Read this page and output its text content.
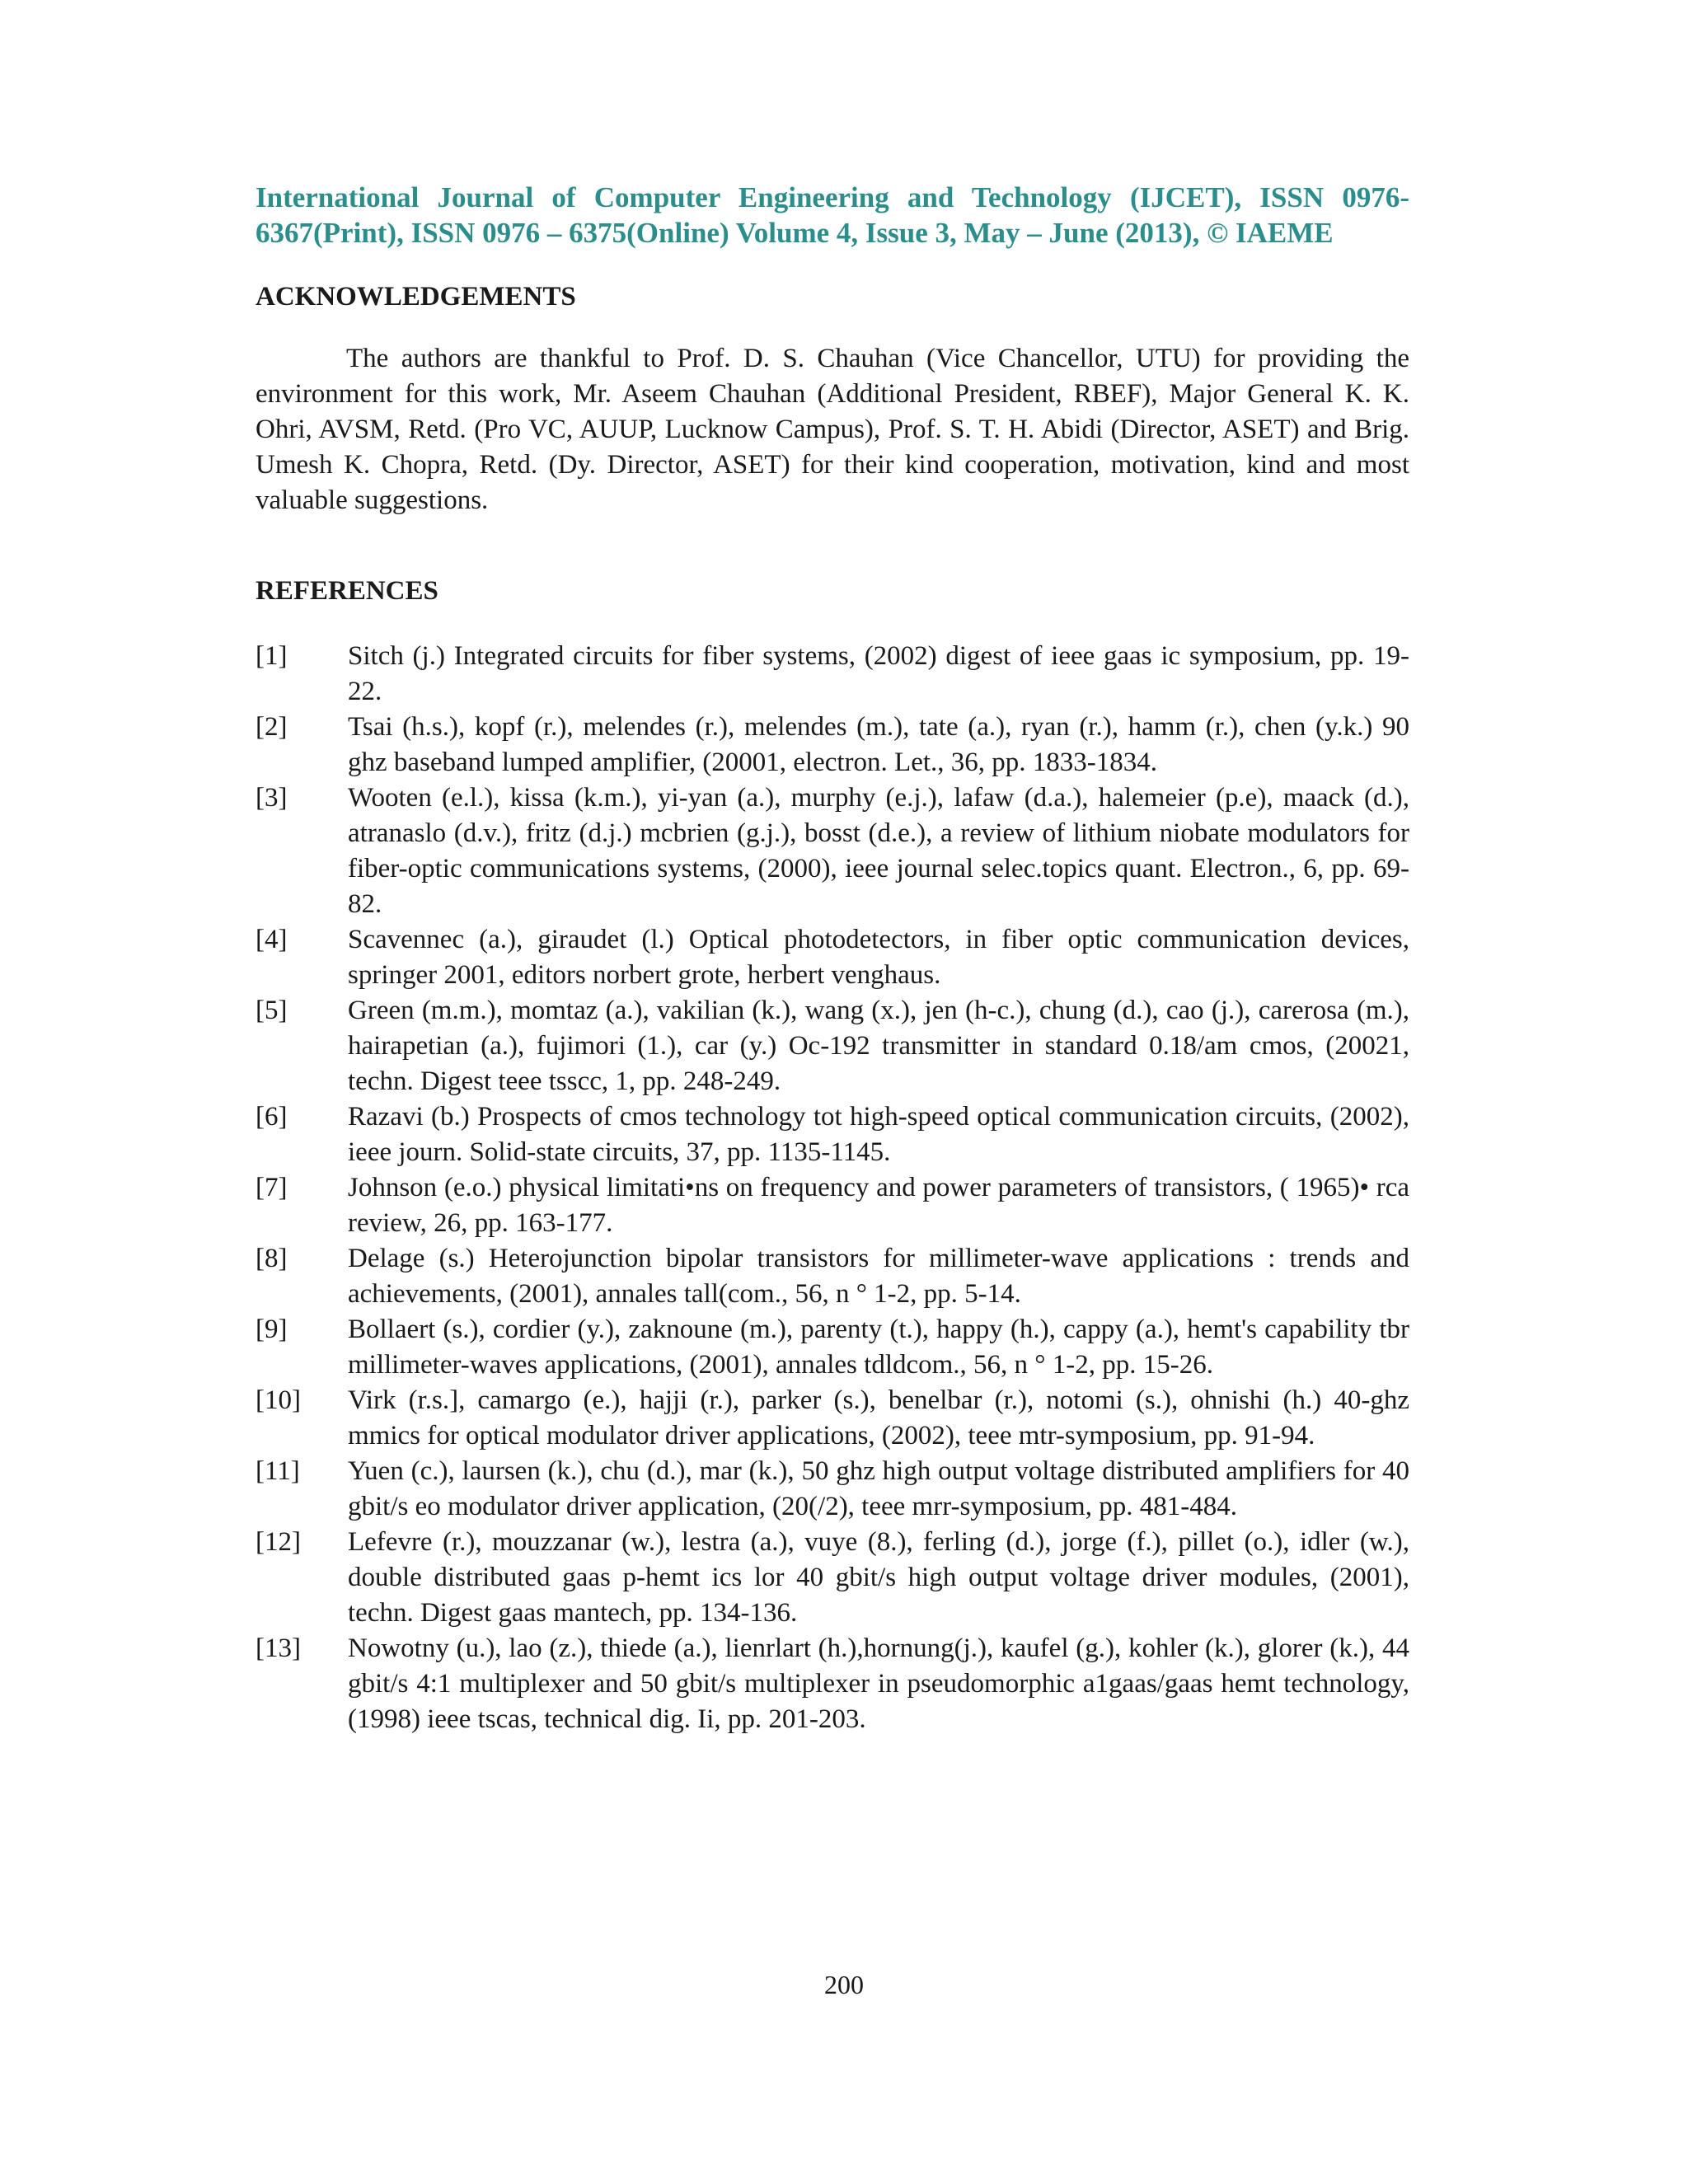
International Journal of Computer Engineering and Technology (IJCET), ISSN 0976-6367(Print), ISSN 0976 – 6375(Online) Volume 4, Issue 3, May – June (2013), © IAEME

ACKNOWLEDGEMENTS

The authors are thankful to Prof. D. S. Chauhan (Vice Chancellor, UTU) for providing the environment for this work, Mr. Aseem Chauhan (Additional President, RBEF), Major General K. K. Ohri, AVSM, Retd. (Pro VC, AUUP, Lucknow Campus), Prof. S. T. H. Abidi (Director, ASET) and Brig. Umesh K. Chopra, Retd. (Dy. Director, ASET) for their kind cooperation, motivation, kind and most valuable suggestions.

REFERENCES
[1]	Sitch (j.) Integrated circuits for fiber systems, (2002) digest of ieee gaas ic symposium, pp. 19-22.
[2]	Tsai (h.s.), kopf (r.), melendes (r.), melendes (m.), tate (a.), ryan (r.), hamm (r.), chen (y.k.) 90 ghz baseband lumped amplifier, (20001, electron. Let., 36, pp. 1833-1834.
[3]	Wooten (e.l.), kissa (k.m.), yi-yan (a.), murphy (e.j.), lafaw (d.a.), halemeier (p.e), maack (d.), atranaslo (d.v.), fritz (d.j.) mcbrien (g.j.), bosst (d.e.), a review of lithium niobate modulators for fiber-optic communications systems, (2000), ieee journal selec.topics quant. Electron., 6, pp. 69-82.
[4]	Scavennec (a.), giraudet (l.) Optical photodetectors, in fiber optic communication devices, springer 2001, editors norbert grote, herbert venghaus.
[5]	Green (m.m.), momtaz (a.), vakilian (k.), wang (x.), jen (h-c.), chung (d.), cao (j.), carerosa (m.), hairapetian (a.), fujimori (1.), car (y.) Oc-192 transmitter in standard 0.18/am cmos, (20021, techn. Digest teee tsscc, 1, pp. 248-249.
[6]	Razavi (b.) Prospects of cmos technology tot high-speed optical communication circuits, (2002), ieee journ. Solid-state circuits, 37, pp. 1135-1145.
[7]	Johnson (e.o.) physical limitati•ns on frequency and power parameters of transistors, ( 1965)• rca review, 26, pp. 163-177.
[8]	Delage (s.) Heterojunction bipolar transistors for millimeter-wave applications : trends and achievements, (2001), annales tall(com., 56, n ° 1-2, pp. 5-14.
[9]	Bollaert (s.), cordier (y.), zaknoune (m.), parenty (t.), happy (h.), cappy (a.), hemt's capability tbr millimeter-waves applications, (2001), annales tdldcom., 56, n ° 1-2, pp. 15-26.
[10]	Virk (r.s.], camargo (e.), hajji (r.), parker (s.), benelbar (r.), notomi (s.), ohnishi (h.) 40-ghz mmics for optical modulator driver applications, (2002), teee mtr-symposium, pp. 91-94.
[11]	Yuen (c.), laursen (k.), chu (d.), mar (k.), 50 ghz high output voltage distributed amplifiers for 40 gbit/s eo modulator driver application, (20(/2), teee mrr-symposium, pp. 481-484.
[12]	Lefevre (r.), mouzzanar (w.), lestra (a.), vuye (8.), ferling (d.), jorge (f.), pillet (o.), idler (w.), double distributed gaas p-hemt ics lor 40 gbit/s high output voltage driver modules, (2001), techn. Digest gaas mantech, pp. 134-136.
[13]	Nowotny (u.), lao (z.), thiede (a.), lienrlart (h.),hornung(j.), kaufel (g.), kohler (k.), glorer (k.), 44 gbit/s 4:1 multiplexer and 50 gbit/s multiplexer in pseudomorphic a1gaas/gaas hemt technology, (1998) ieee tscas, technical dig. Ii, pp. 201-203.
200
